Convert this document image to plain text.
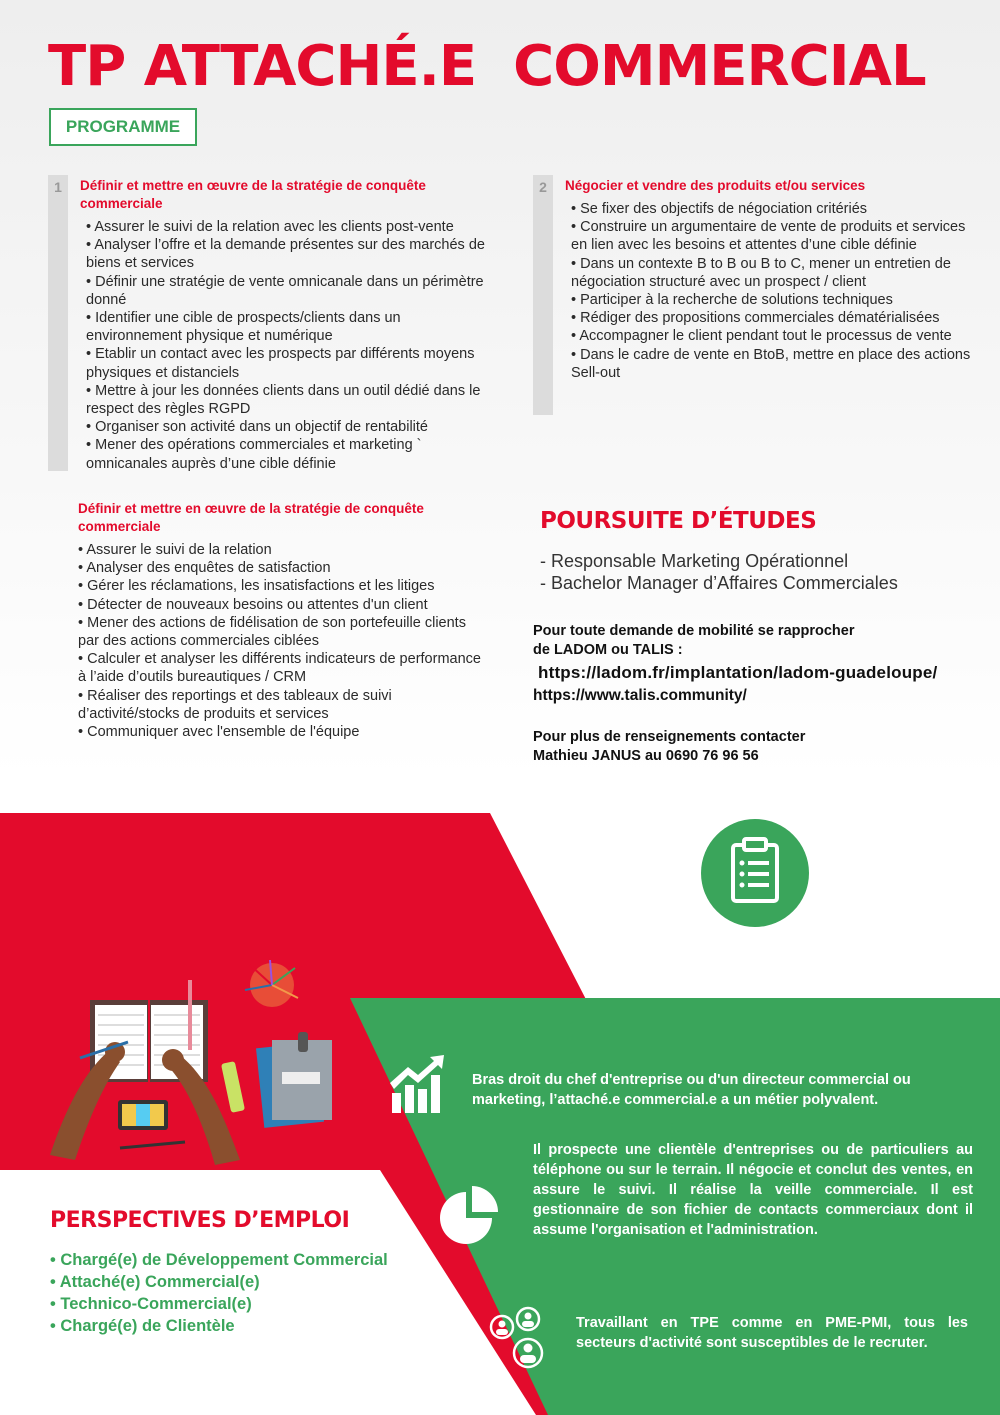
TP ATTACHÉ.E  COMMERCIAL
PROGRAMME
1	Définir et mettre en œuvre de la stratégie de conquête commerciale

• Assurer le suivi de la relation avec les clients post-vente
• Analyser l’offre et la demande présentes sur des marchés de biens et services
• Définir une stratégie de vente omnicanale dans un périmètre donné
• Identifier une cible de prospects/clients dans un environnement physique et numérique
• Etablir un contact avec les prospects par différents moyens physiques et distanciels
• Mettre à jour les données clients dans un outil dédié dans le respect des règles RGPD
• Organiser son activité dans un objectif de rentabilité
• Mener des opérations commerciales et marketing ` omnicanales auprès d’une cible définie
2	Négocier et vendre des produits et/ou services

• Se fixer des objectifs de négociation critériés
• Construire un argumentaire de vente de produits et services en lien avec les besoins et attentes d’une cible définie
• Dans un contexte B to B ou B to C, mener un entretien de négociation structuré avec un prospect / client
• Participer à la recherche de solutions techniques
• Rédiger des propositions commerciales dématérialisées
• Accompagner le client pendant tout le processus de vente
• Dans le cadre de vente en BtoB, mettre en place des actions Sell-out

Définir et mettre en œuvre de la stratégie de conquête commerciale

• Assurer le suivi de la relation
• Analyser des enquêtes de satisfaction
• Gérer les réclamations, les insatisfactions et les litiges
• Détecter de nouveaux besoins ou attentes d'un client
• Mener des actions de fidélisation de son portefeuille clients par des actions commerciales ciblées
• Calculer et analyser les différents indicateurs de performance à l’aide d’outils bureautiques / CRM
• Réaliser des reportings et des tableaux de suivi d’activité/stocks de produits et services
• Communiquer avec l'ensemble de l'équipe
POURSUITE D’ÉTUDES
- Responsable Marketing Opérationnel
- Bachelor Manager d’Affaires Commerciales
Pour toute demande de mobilité se rapprocher
de LADOM ou TALIS :
https://ladom.fr/implantation/ladom-guadeloupe/
https://www.talis.community/
Pour plus de renseignements contacter
Mathieu JANUS au 0690 76 96 56
PERSPECTIVES D’EMPLOI
• Chargé(e) de Développement Commercial
• Attaché(e) Commercial(e)
• Technico-Commercial(e)
• Chargé(e) de Clientèle
Bras droit du chef d'entreprise ou d'un directeur commercial ou marketing, l’attaché.e commercial.e a un métier polyvalent.
Il prospecte une clientèle d'entreprises ou de particuliers au téléphone ou sur le terrain. Il négocie et conclut des ventes, en assure le suivi. Il réalise la veille commerciale. Il est gestionnaire de son fichier de contacts commerciaux dont il assume l'organisation et l'administration.
Travaillant en TPE comme en PME-PMI, tous les secteurs d'activité sont susceptibles de le recruter.
